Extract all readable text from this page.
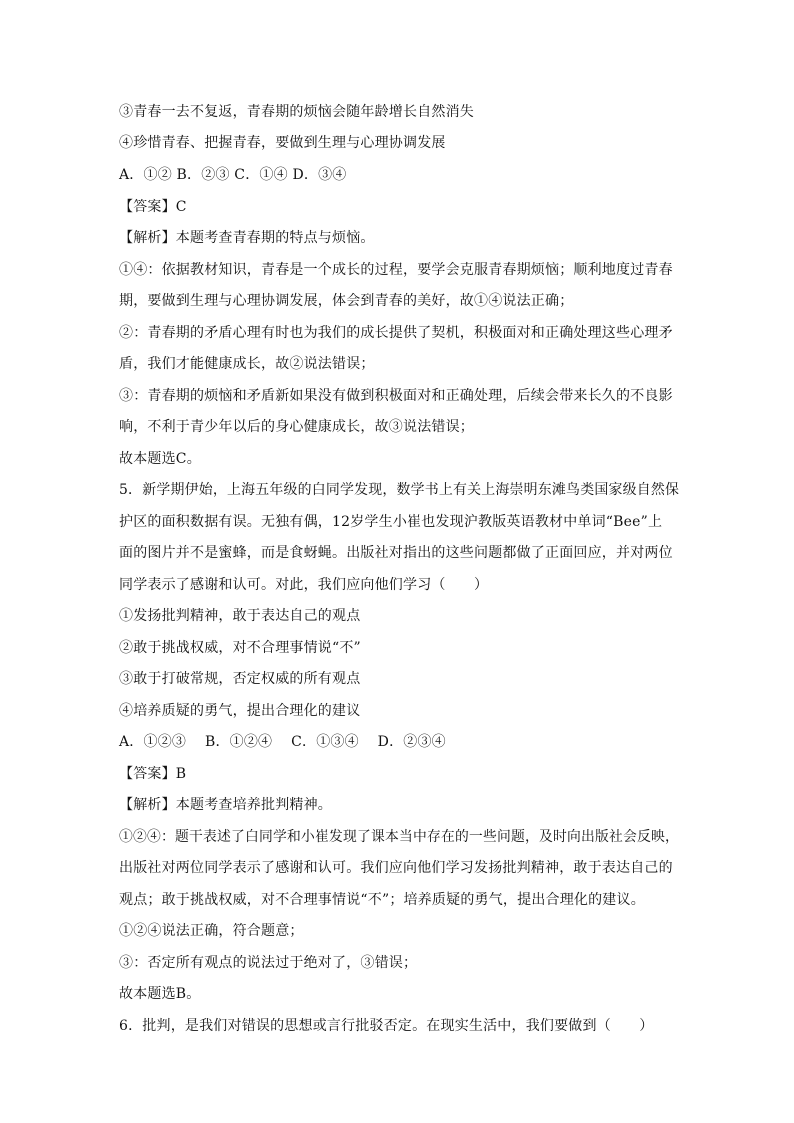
③青春一去不复返，青春期的烦恼会随年龄增长自然消失
④珍惜青春、把握青春，要做到生理与心理协调发展
A．①② B．②③ C．①④ D．③④
【答案】C
【解析】本题考查青春期的特点与烦恼。
①④：依据教材知识，青春是一个成长的过程，要学会克服青春期烦恼；顺利地度过青春
期，要做到生理与心理协调发展，体会到青春的美好，故①④说法正确；
②：青春期的矛盾心理有时也为我们的成长提供了契机，积极面对和正确处理这些心理矛
盾，我们才能健康成长，故②说法错误；
③：青春期的烦恼和矛盾新如果没有做到积极面对和正确处理，后续会带来长久的不良影
响，不利于青少年以后的身心健康成长，故③说法错误；
故本题选C。
5．新学期伊始，上海五年级的白同学发现，数学书上有关上海崇明东滩鸟类国家级自然保
护区的面积数据有误。无独有偶，12岁学生小崔也发现沪教版英语教材中单词“Bee”上
面的图片并不是蜜蜂，而是食蚜蝇。出版社对指出的这些问题都做了正面回应，并对两位
同学表示了感谢和认可。对此，我们应向他们学习（　　）
①发扬批判精神，敢于表达自己的观点
②敢于挑战权威，对不合理事情说“不”
③敢于打破常规，否定权威的所有观点
④培养质疑的勇气，提出合理化的建议
A．①②③　 B．①②④　 C．①③④　 D．②③④
【答案】B
【解析】本题考查培养批判精神。
①②④：题干表述了白同学和小崔发现了课本当中存在的一些问题，及时向出版社会反映，
出版社对两位同学表示了感谢和认可。我们应向他们学习发扬批判精神，敢于表达自己的
观点；敢于挑战权威，对不合理事情说“不”；培养质疑的勇气，提出合理化的建议。
①②④说法正确，符合题意；
③：否定所有观点的说法过于绝对了，③错误；
故本题选B。
6．批判，是我们对错误的思想或言行批驳否定。在现实生活中，我们要做到（　　）
